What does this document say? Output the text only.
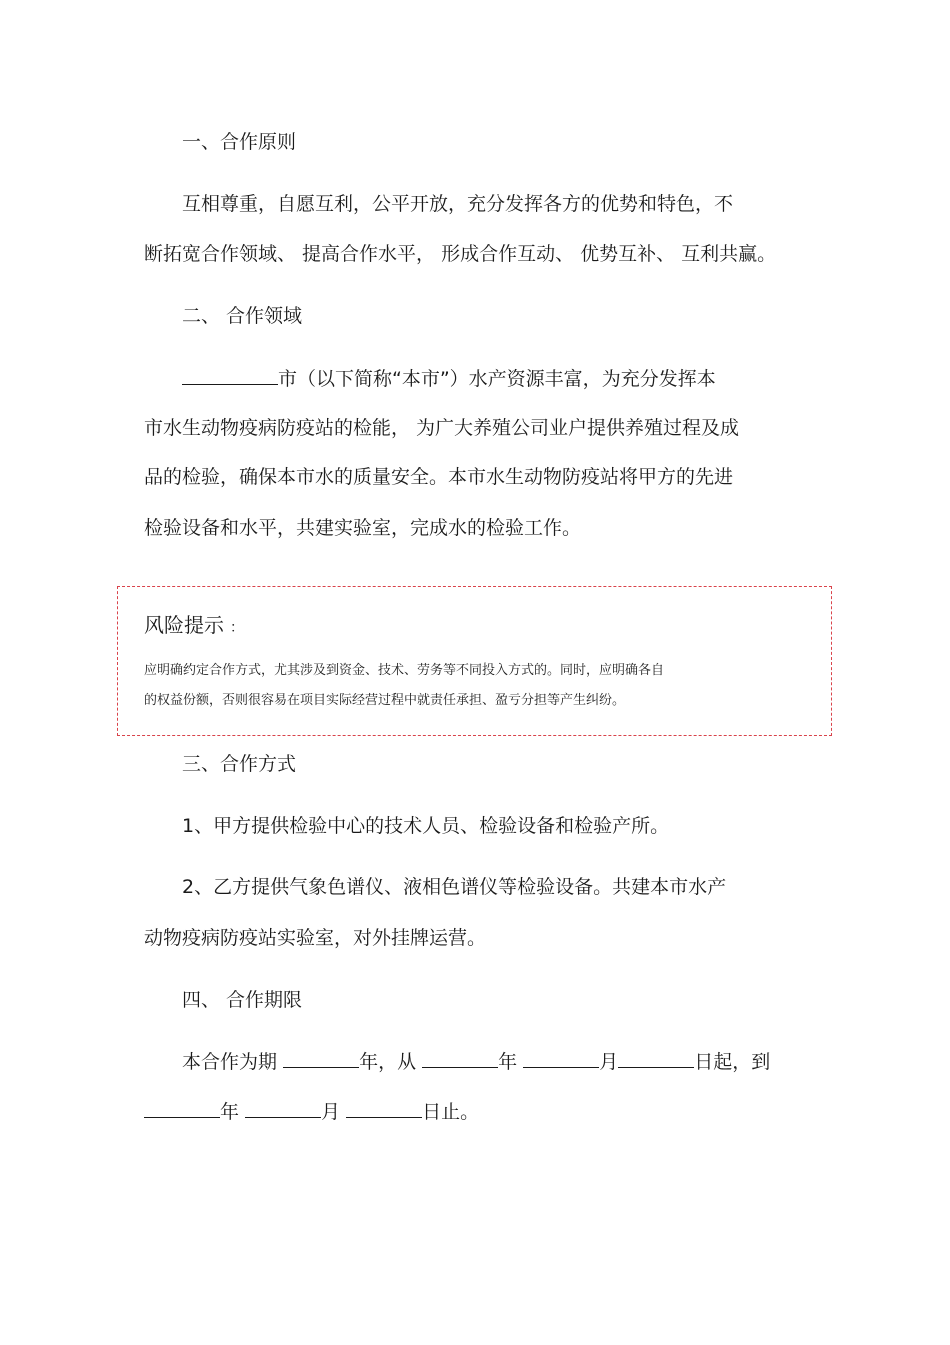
一、合作原则
互相尊重，自愿互利，公平开放，充分发挥各方的优势和特色，不
断拓宽合作领域、 提高合作水平， 形成合作互动、 优势互补、 互利共赢。
二、 合作领域
市（以下简称“本市”）水产资源丰富，为充分发挥本
市水生动物疫病防疫站的检能， 为广大养殖公司业户提供养殖过程及成
品的检验，确保本市水的质量安全。本市水生动物防疫站将甲方的先进
检验设备和水平，共建实验室，完成水的检验工作。
风险提示 ：
应明确约定合作方式，尤其涉及到资金、技术、劳务等不同投入方式的。同时，应明确各自
的权益份额，否则很容易在项目实际经营过程中就责任承担、盈亏分担等产生纠纷。
三、合作方式
1、甲方提供检验中心的技术人员、检验设备和检验产所。
2、乙方提供气象色谱仪、液相色谱仪等检验设备。共建本市水产
动物疫病防疫站实验室，对外挂牌运营。
四、 合作期限
本合作为期	年，从	年	月	日起，到
年	月	日止。
